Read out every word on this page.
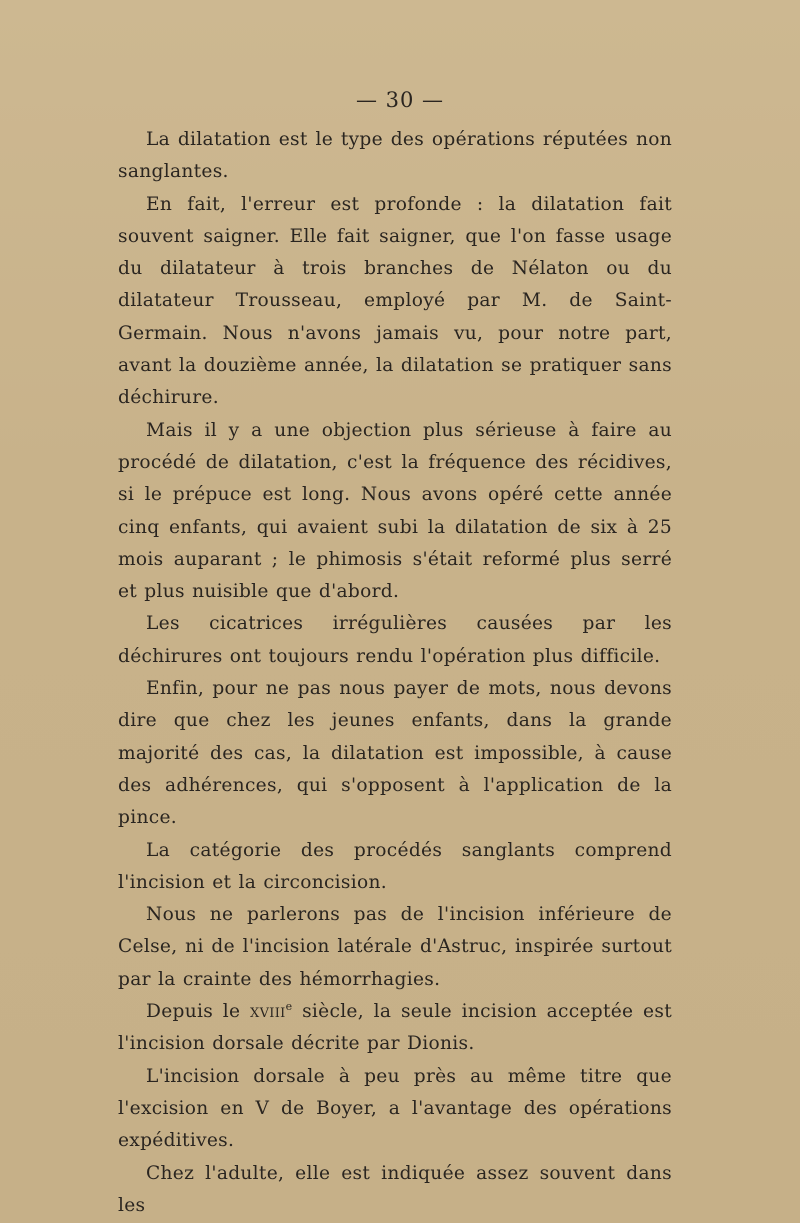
— 30 —

La dilatation est le type des opérations réputées non sanglantes.

En fait, l'erreur est profonde : la dilatation fait souvent saigner. Elle fait saigner, que l'on fasse usage du dilatateur à trois branches de Nélaton ou du dilatateur Trousseau, employé par M. de Saint-Germain. Nous n'avons jamais vu, pour notre part, avant la douzième année, la dilatation se pratiquer sans déchirure.

Mais il y a une objection plus sérieuse à faire au procédé de dilatation, c'est la fréquence des récidives, si le prépuce est long. Nous avons opéré cette année cinq enfants, qui avaient subi la dilatation de six à 25 mois auparant ; le phimosis s'était reformé plus serré et plus nuisible que d'abord.

Les cicatrices irrégulières causées par les déchirures ont toujours rendu l'opération plus difficile.

Enfin, pour ne pas nous payer de mots, nous devons dire que chez les jeunes enfants, dans la grande majorité des cas, la dilatation est impossible, à cause des adhérences, qui s'opposent à l'application de la pince.

La catégorie des procédés sanglants comprend l'incision et la circoncision.

Nous ne parlerons pas de l'incision inférieure de Celse, ni de l'incision latérale d'Astruc, inspirée surtout par la crainte des hémorrhagies.

Depuis le xviii$^e$ siècle, la seule incision acceptée est l'incision dorsale décrite par Dionis.

L'incision dorsale à peu près au même titre que l'excision en V de Boyer, a l'avantage des opérations expéditives.

Chez l'adulte, elle est indiquée assez souvent dans les
